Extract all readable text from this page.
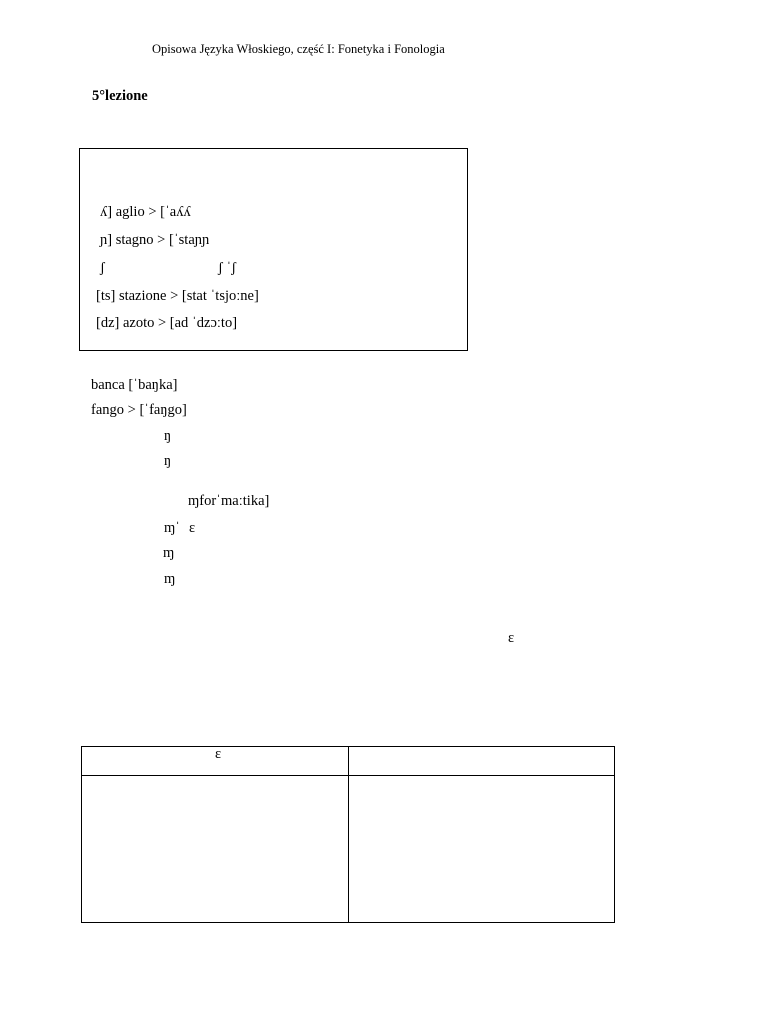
Opisowa Języka Włoskiego, część I: Fonetyka i Fonologia
5°lezione
ʎ] aglio > [ˈaʎʎ
ɲ] stagno > [ˈstaɲɲ
ʃ	ʃ ˈʃ
[ts] stazione > [stat ˈtsjoːne]
[dz] azoto > [ad ˈdzɔːto]
banca [ˈbaŋka]
fango > [ˈfaŋgo]
ŋ
ŋ
ɱforˈmaːtika]
ɱˈ ɛ
ɱ
ɱ
ɛ
ɛ
